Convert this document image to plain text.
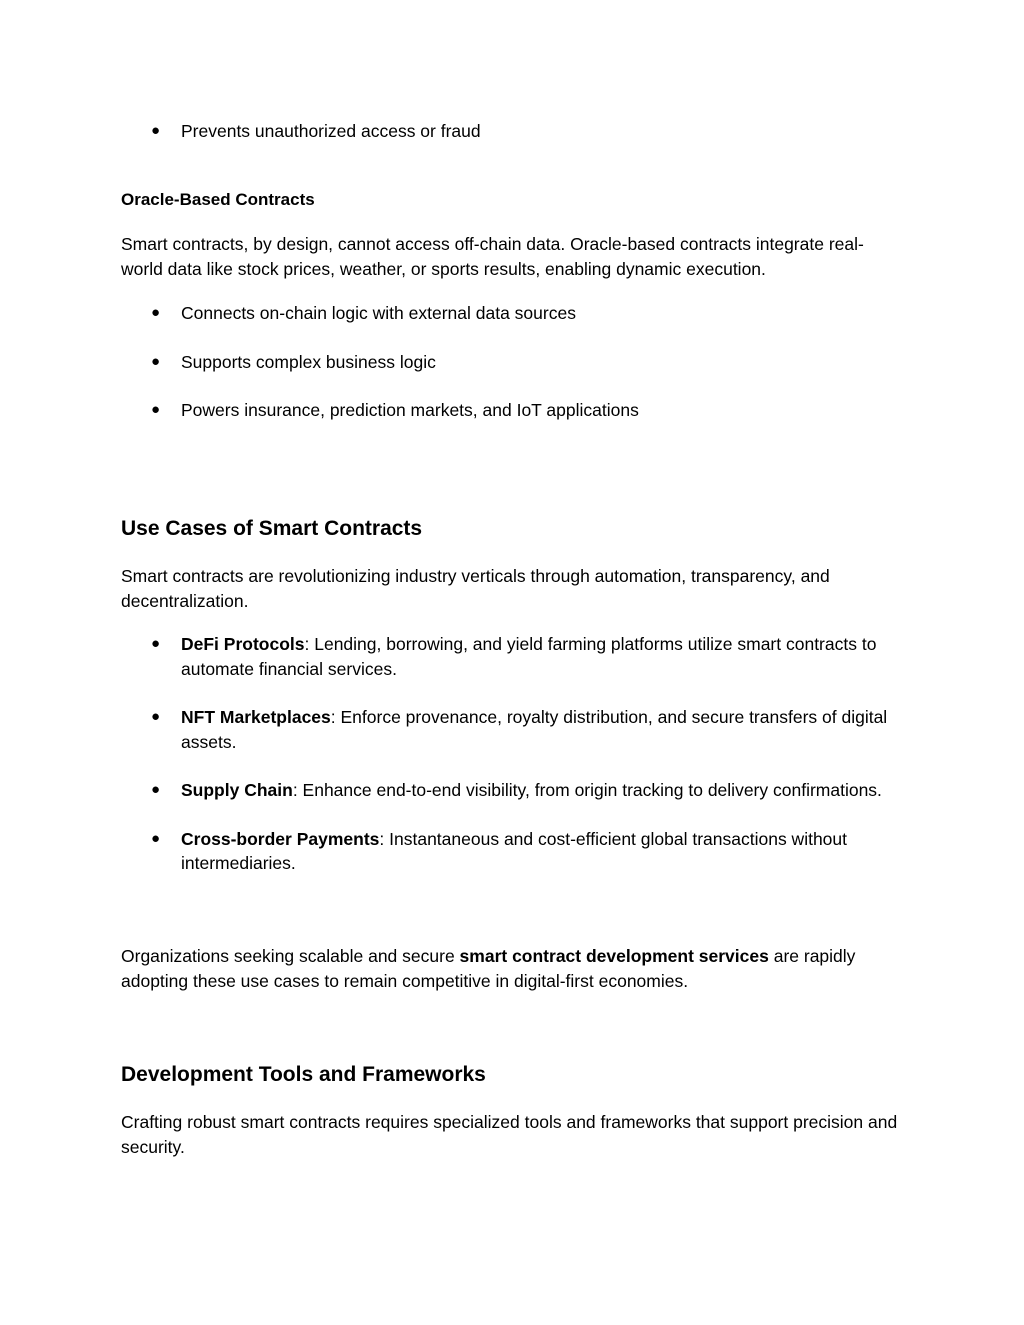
● Prevents unauthorized access or fraud
Oracle-Based Contracts

Smart contracts, by design, cannot access off-chain data. Oracle-based contracts integrate real-world data like stock prices, weather, or sports results, enabling dynamic execution.

● Connects on-chain logic with external data sources
● Supports complex business logic
● Powers insurance, prediction markets, and IoT applications
Use Cases of Smart Contracts

Smart contracts are revolutionizing industry verticals through automation, transparency, and decentralization.

● DeFi Protocols: Lending, borrowing, and yield farming platforms utilize smart contracts to automate financial services.
● NFT Marketplaces: Enforce provenance, royalty distribution, and secure transfers of digital assets.
● Supply Chain: Enhance end-to-end visibility, from origin tracking to delivery confirmations.
● Cross-border Payments: Instantaneous and cost-efficient global transactions without intermediaries.

Organizations seeking scalable and secure smart contract development services are rapidly adopting these use cases to remain competitive in digital-first economies.

Development Tools and Frameworks

Crafting robust smart contracts requires specialized tools and frameworks that support precision and security.
